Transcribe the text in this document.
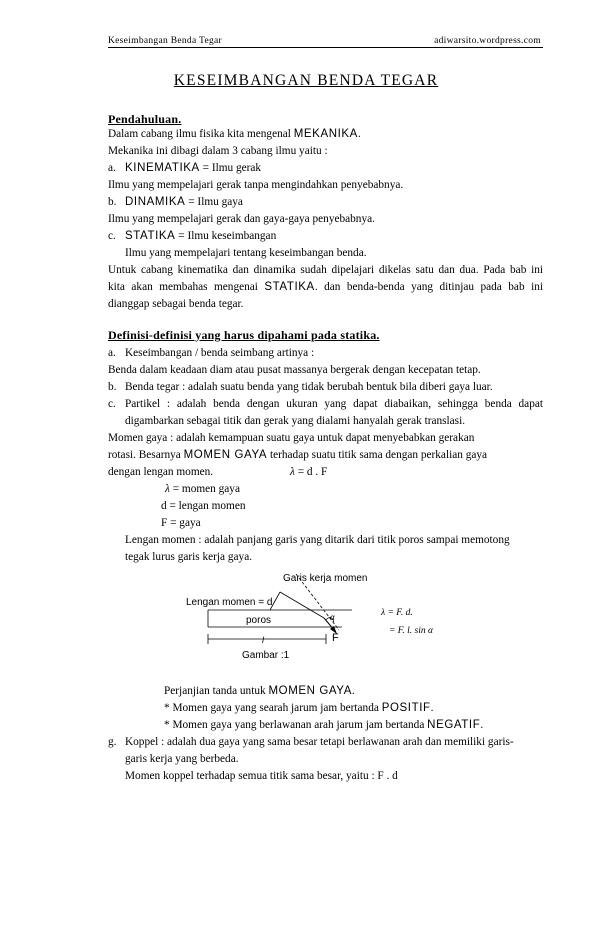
Keseimbangan Benda Tegar	adiwarsito.wordpress.com
KESEIMBANGAN BENDA TEGAR
Pendahuluan.
Dalam cabang ilmu fisika kita mengenal MEKANIKA.
Mekanika ini dibagi dalam 3 cabang ilmu yaitu :
a. KINEMATIKA = Ilmu gerak
Ilmu yang mempelajari gerak tanpa mengindahkan penyebabnya.
b. DINAMIKA = Ilmu gaya
Ilmu yang mempelajari gerak dan gaya-gaya penyebabnya.
c. STATIKA = Ilmu keseimbangan
Ilmu yang mempelajari tentang keseimbangan benda.
Untuk cabang kinematika dan dinamika sudah dipelajari dikelas satu dan dua. Pada bab ini
kita akan membahas mengenai STATIKA. dan benda-benda yang ditinjau pada bab ini
dianggap sebagai benda tegar.
Definisi-definisi yang harus dipahami pada statika.
a. Keseimbangan / benda seimbang artinya :
Benda dalam keadaan diam atau pusat massanya bergerak dengan kecepatan tetap.
b. Benda tegar : adalah suatu benda yang tidak berubah bentuk bila diberi gaya luar.
c. Partikel : adalah benda dengan ukuran yang dapat diabaikan, sehingga benda dapat
digambarkan sebagai titik dan gerak yang dialami hanyalah gerak translasi.
Momen gaya : adalah kemampuan suatu gaya untuk dapat menyebabkan gerakan
rotasi. Besarnya MOMEN GAYA terhadap suatu titik sama dengan perkalian gaya
dengan lengan momen.	λ = d . F
λ = momen gaya
d = lengan momen
F = gaya
Lengan momen : adalah panjang garis yang ditarik dari titik poros sampai memotong
tegak lurus garis kerja gaya.
Garis kerja momen
Lengan momen = d
poros
l
α
F
Gambar :1
λ = F. d.
= F. l. sin α
Perjanjian tanda untuk MOMEN GAYA.
* Momen gaya yang searah jarum jam bertanda POSITIF.
* Momen gaya yang berlawanan arah jarum jam bertanda NEGATIF.
g. Koppel : adalah dua gaya yang sama besar tetapi berlawanan arah dan memiliki garis-
garis kerja yang berbeda.
Momen koppel terhadap semua titik sama besar, yaitu : F . d
